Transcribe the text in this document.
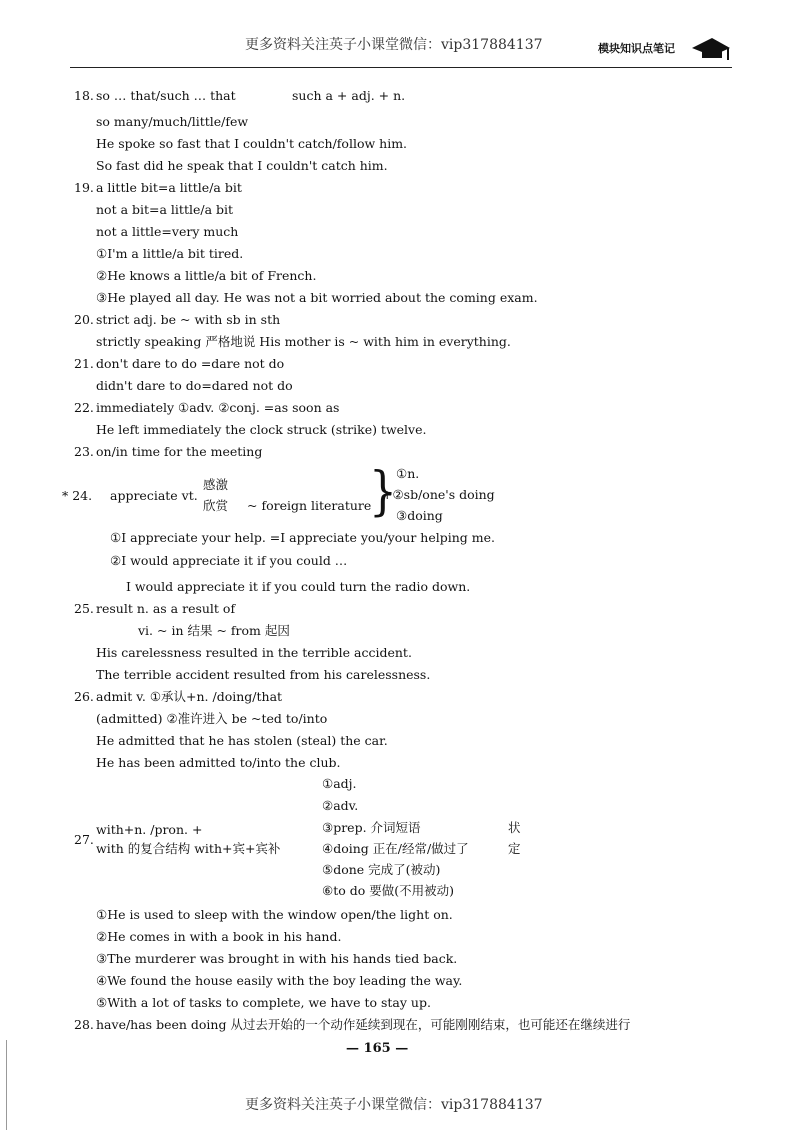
更多资料关注英子小课堂微信：vip317884137	模块知识点笔记
18. so … that/such … that	such a + adj. + n.
so many/much/little/few
He spoke so fast that I couldn't catch/follow him.
So fast did he speak that I couldn't catch him.
19. a little bit=a little/a bit
not a bit=a little/a bit
not a little=very much
①I'm a little/a bit tired.
②He knows a little/a bit of French.
③He played all day. He was not a bit worried about the coming exam.
20. strict adj. be ~ with sb in sth
strictly speaking 严格地说 His mother is ~ with him in everything.
21. don't dare to do =dare not do
didn't dare to do=dared not do
22. immediately ①adv. ②conj. =as soon as
He left immediately the clock struck (strike) twelve.
23. on/in time for the meeting
* 24. appreciate vt.
感激
欣赏 ~ foreign literature
} ①n.
+②sb/one's doing
③doing
①I appreciate your help. =I appreciate you/your helping me.
②I would appreciate it if you could …
I would appreciate it if you could turn the radio down.
25. result n. as a result of
vi. ~ in 结果 ~ from 起因
His carelessness resulted in the terrible accident.
The terrible accident resulted from his carelessness.
26. admit v. ①承认+n. /doing/that
(admitted) ②准许进入 be ~ted to/into
He admitted that he has stolen (steal) the car.
He has been admitted to/into the club.
27.
with+n. /pron. +
with 的复合结构 with+宾+宾补
①adj.
②adv.
③prep. 介词短语
④doing 正在/经常/做过了
⑤done 完成了(被动)
⑥to do 要做(不用被动)
状
定
①He is used to sleep with the window open/the light on.
②He comes in with a book in his hand.
③The murderer was brought in with his hands tied back.
④We found the house easily with the boy leading the way.
⑤With a lot of tasks to complete, we have to stay up.
28. have/has been doing 从过去开始的一个动作延续到现在，可能刚刚结束，也可能还在继续进行
— 165 —
更多资料关注英子小课堂微信：vip317884137
